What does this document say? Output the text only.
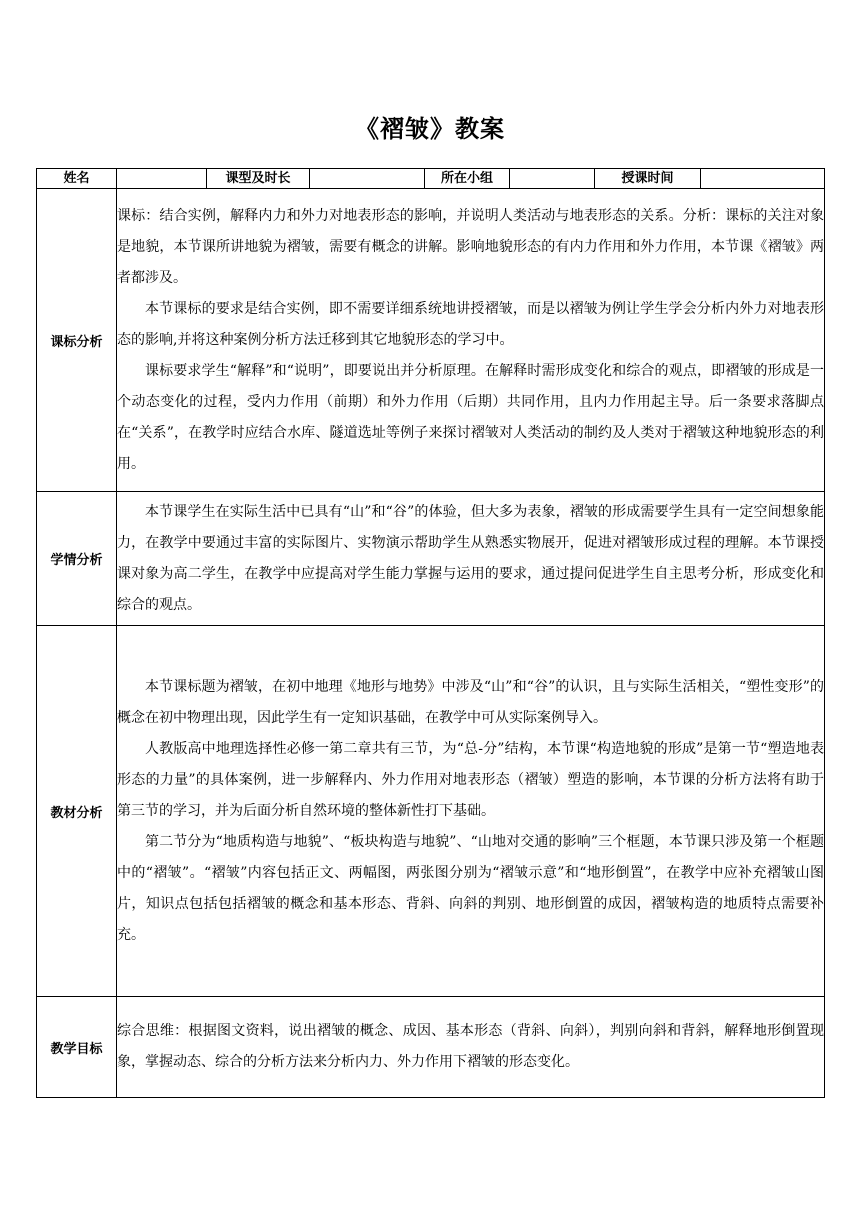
《褶皱》教案
姓名		课型及时长		所在小组		授课时间	
课标分析	课标：结合实例，解释内力和外力对地表形态的影响，并说明人类活动与地表形态的关系。分析：课标的关注对象是地貌，本节课所讲地貌为褶皱，需要有概念的讲解。影响地貌形态的有内力作用和外力作用，本节课《褶皱》两者都涉及。

本节课标的要求是结合实例，即不需要详细系统地讲授褶皱，而是以褶皱为例让学生学会分析内外力对地表形态的影响,并将这种案例分析方法迁移到其它地貌形态的学习中。

课标要求学生“解释”和“说明”，即要说出并分析原理。在解释时需形成变化和综合的观点，即褶皱的形成是一个动态变化的过程，受内力作用（前期）和外力作用（后期）共同作用，且内力作用起主导。后一条要求落脚点在“关系”，在教学时应结合水库、隧道选址等例子来探讨褶皱对人类活动的制约及人类对于褶皱这种地貌形态的利用。						

学情分析	本节课学生在实际生活中已具有“山”和“谷”的体验，但大多为表象，褶皱的形成需要学生具有一定空间想象能力，在教学中要通过丰富的实际图片、实物演示帮助学生从熟悉实物展开，促进对褶皱形成过程的理解。本节课授课对象为高二学生，在教学中应提高对学生能力掌握与运用的要求，通过提问促进学生自主思考分析，形成变化和综合的观点。						

教材分析	本节课标题为褶皱，在初中地理《地形与地势》中涉及“山”和“谷”的认识，且与实际生活相关，“塑性变形”的概念在初中物理出现，因此学生有一定知识基础，在教学中可从实际案例导入。

人教版高中地理选择性必修一第二章共有三节，为“总-分”结构，本节课“构造地貌的形成”是第一节“塑造地表形态的力量”的具体案例，进一步解释内、外力作用对地表形态（褶皱）塑造的影响，本节课的分析方法将有助于第三节的学习，并为后面分析自然环境的整体新性打下基础。

第二节分为“地质构造与地貌”、“板块构造与地貌”、“山地对交通的影响”三个框题，本节课只涉及第一个框题中的“褶皱”。“褶皱”内容包括正文、两幅图，两张图分别为“褶皱示意”和“地形倒置”，在教学中应补充褶皱山图片，知识点包括包括褶皱的概念和基本形态、背斜、向斜的判别、地形倒置的成因，褶皱构造的地质特点需要补充。						

教学目标	综合思维：根据图文资料，说出褶皱的概念、成因、基本形态（背斜、向斜），判别向斜和背斜，解释地形倒置现象，掌握动态、综合的分析方法来分析内力、外力作用下褶皱的形态变化。						
